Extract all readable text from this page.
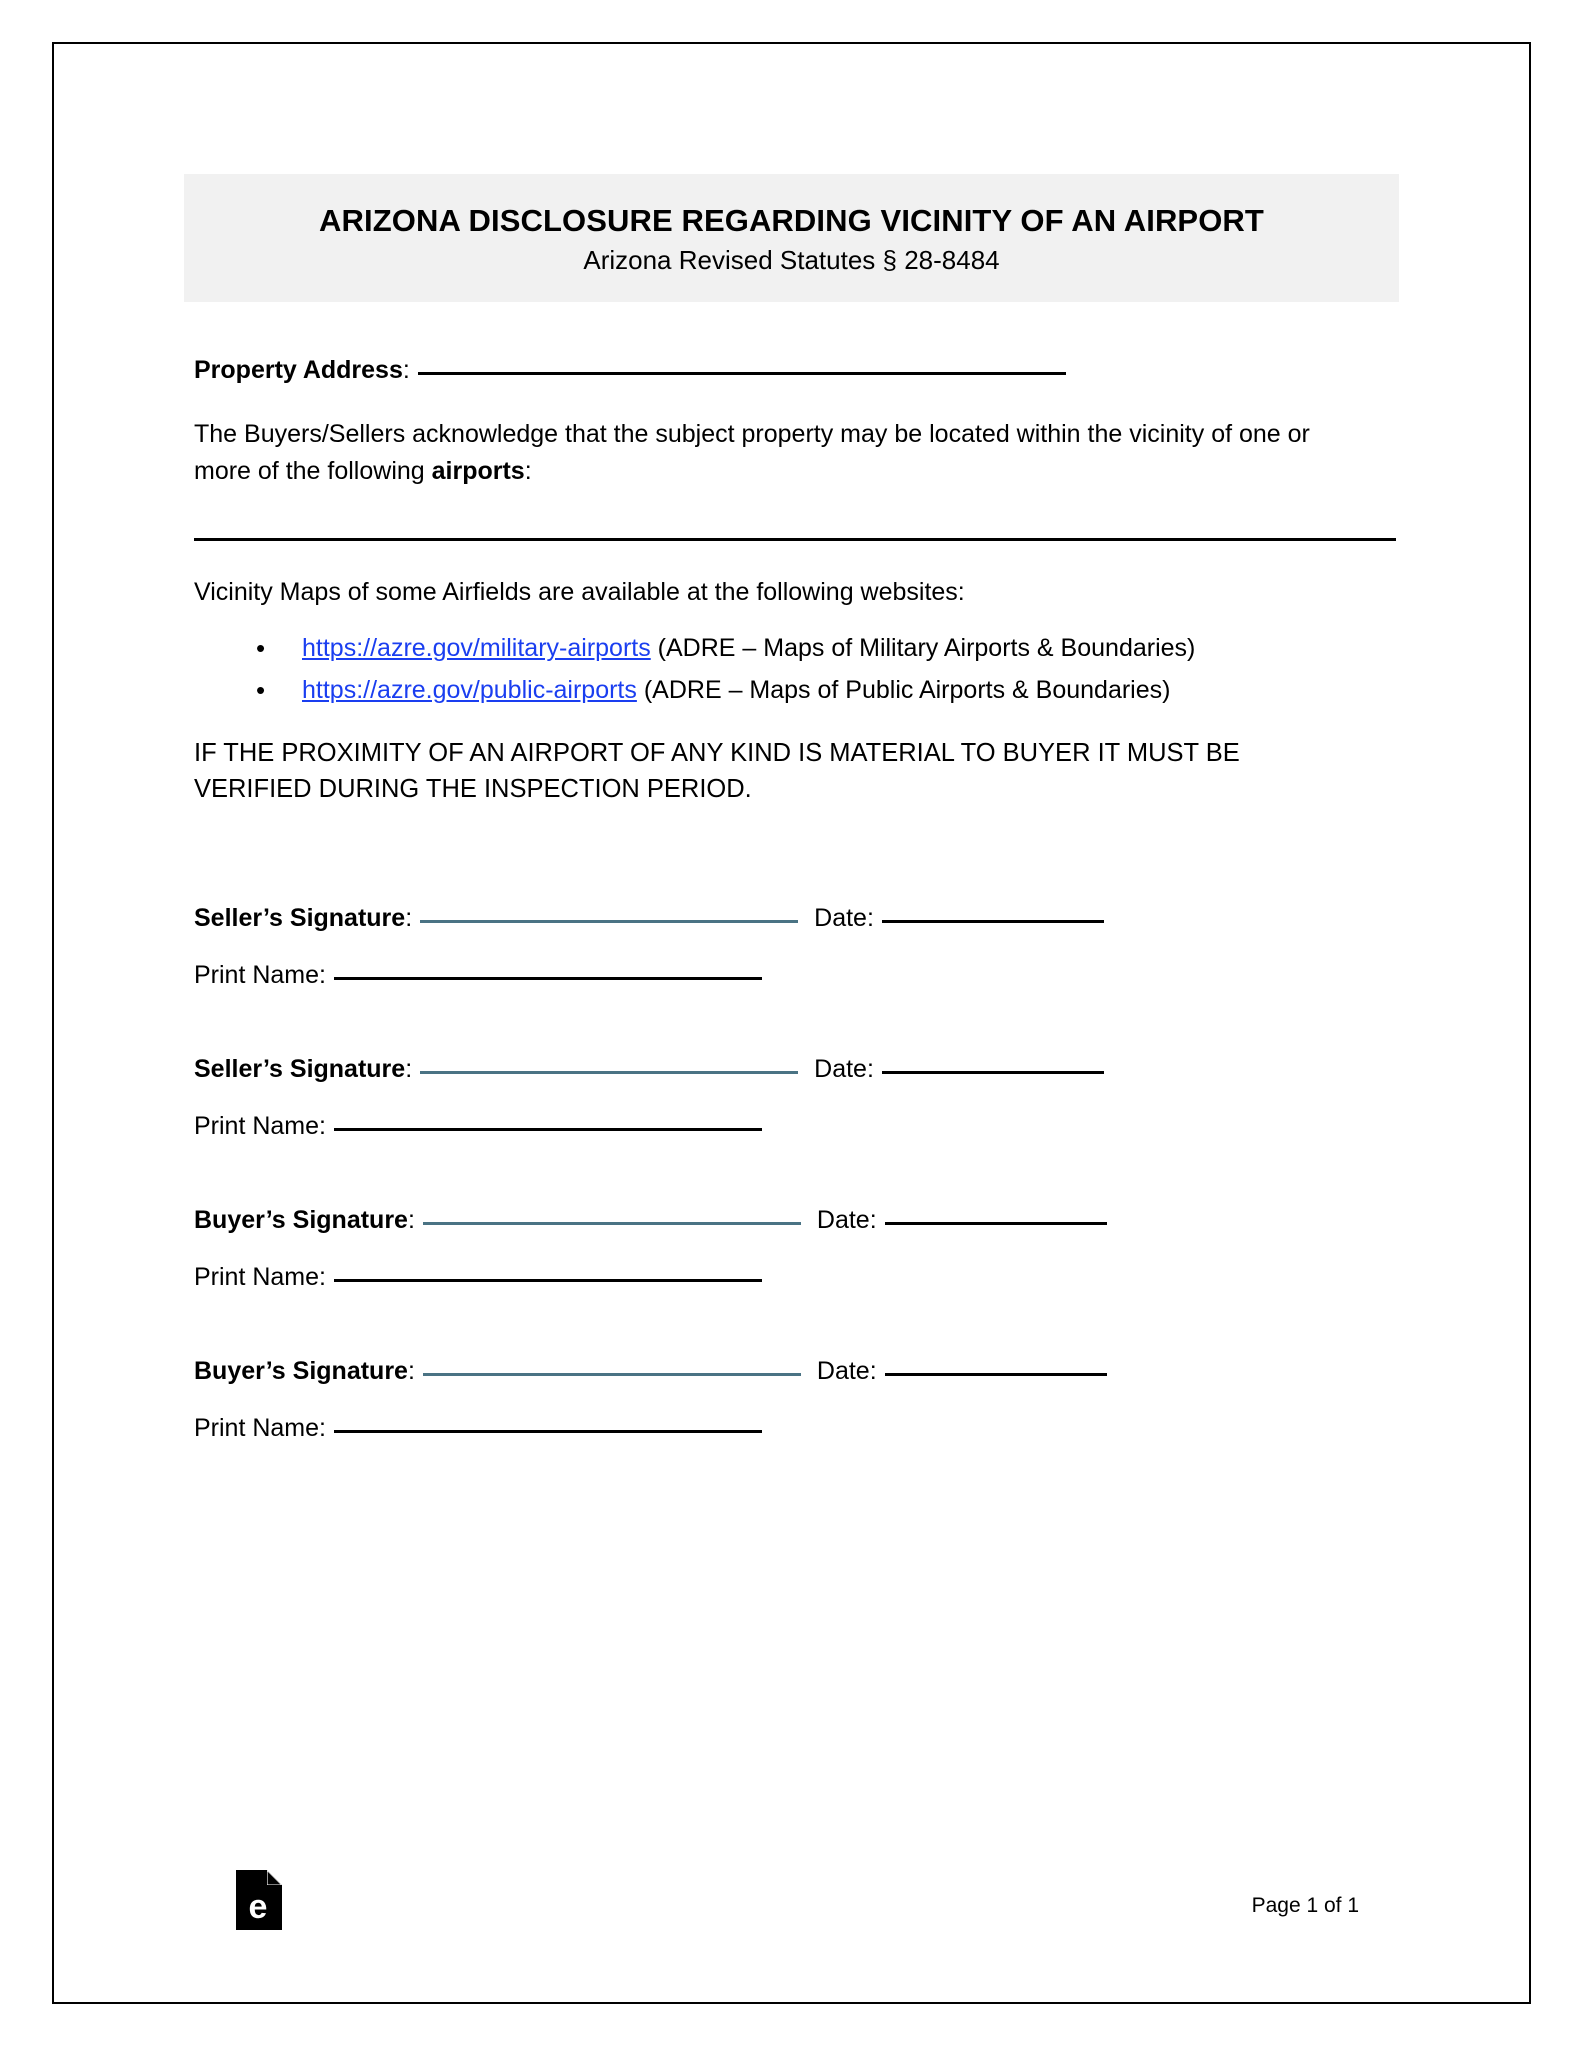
ARIZONA DISCLOSURE REGARDING VICINITY OF AN AIRPORT
Arizona Revised Statutes § 28-8484
Property Address:
The Buyers/Sellers acknowledge that the subject property may be located within the vicinity of one or more of the following airports:
Vicinity Maps of some Airfields are available at the following websites:
• https://azre.gov/military-airports (ADRE – Maps of Military Airports & Boundaries)
• https://azre.gov/public-airports (ADRE – Maps of Public Airports & Boundaries)
IF THE PROXIMITY OF AN AIRPORT OF ANY KIND IS MATERIAL TO BUYER IT MUST BE VERIFIED DURING THE INSPECTION PERIOD.
Seller’s Signature:	Date:
Print Name:
Seller’s Signature:	Date:
Print Name:
Buyer’s Signature:	Date:
Print Name:
Buyer’s Signature:	Date:
Print Name:
e	Page 1 of 1
